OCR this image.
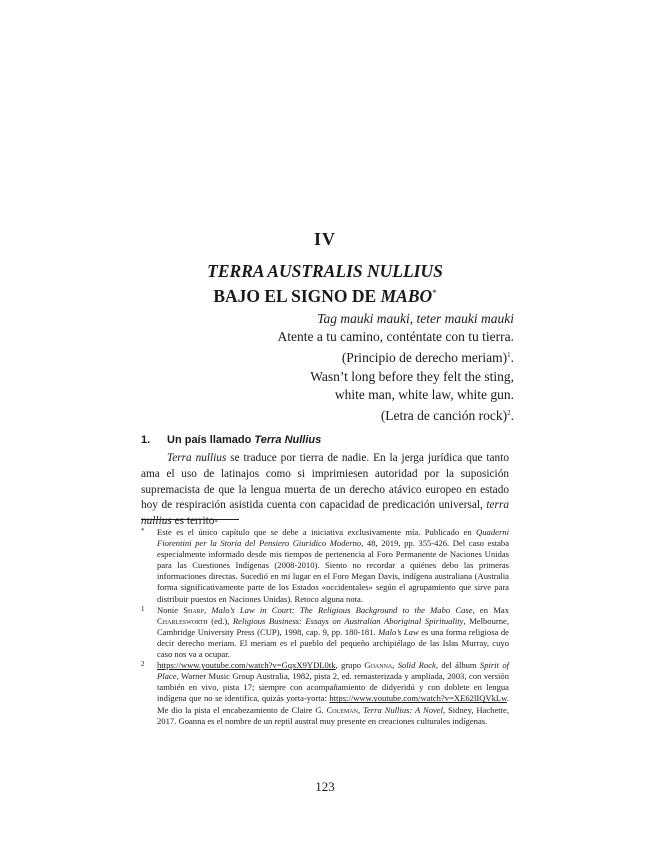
IV
TERRA AUSTRALIS NULLIUS
BAJO EL SIGNO DE MABO*
Tag mauki mauki, teter mauki mauki
Atente a tu camino, conténtate con tu tierra.
(Principio de derecho meriam)$^1$.
Wasn’t long before they felt the sting,
white man, white law, white gun.
(Letra de canción rock)$^2$.
1. Un país llamado Terra Nullius

Terra nullius se traduce por tierra de nadie. En la jerga jurídica que tanto ama el uso de latinajos como si imprimiesen autoridad por la suposición supremacista de que la lengua muerta de un derecho atávico europeo en estado hoy de respiración asistida cuenta con capacidad de predicación universal, terra nullius es territo-

*	Este es el único capítulo que se debe a iniciativa exclusivamente mía. Publicado en Quaderni Fiorentini per la Storia del Pensiero Giuridico Moderno, 48, 2019, pp. 355-426. Del caso estaba especialmente informado desde mis tiempos de pertenencia al Foro Permanente de Naciones Unidas para las Cuestiones Indígenas (2008-2010). Siento no recordar a quiénes debo las primeras informaciones directas. Sucedió en mi lugar en el Foro Megan Davis, indígena australiana (Australia forma significativamente parte de los Estados «occidentales» según el agrupamiento que sirve para distribuir puestos en Naciones Unidas). Retoco alguna nota.
1	Nonie Sharp, Malo’s Law in Court: The Religious Background to the Mabo Case, en Max Charlesworth (ed.), Religious Business: Essays on Australian Aboriginal Spirituality, Melbourne, Cambridge University Press (CUP), 1998, cap. 9, pp. 180-181. Malo’s Law es una forma religiosa de decir derecho meriam. El meriam es el pueblo del pequeño archipiélago de las Islas Murray, cuyo caso nos va a ocupar.
2	https://www.youtube.com/watch?v=GqxX9YDL0tk, grupo Goanna, Solid Rock, del álbum Spirit of Place, Warner Music Group Australia, 1982, pista 2, ed. remasterizada y ampliada, 2003, con versión también en vivo, pista 17; siempre con acompañamiento de didyeridú y con doblete en lengua indígena que no se identifica, quizás yorta-yorta: https://www.youtube.com/watch?v=XE62lIQVkLw. Me dio la pista el encabezamiento de Claire G. Coleman, Terra Nullius: A Novel, Sidney, Hachette, 2017. Goanna es el nombre de un reptil austral muy presente en creaciones culturales indígenas.
123
